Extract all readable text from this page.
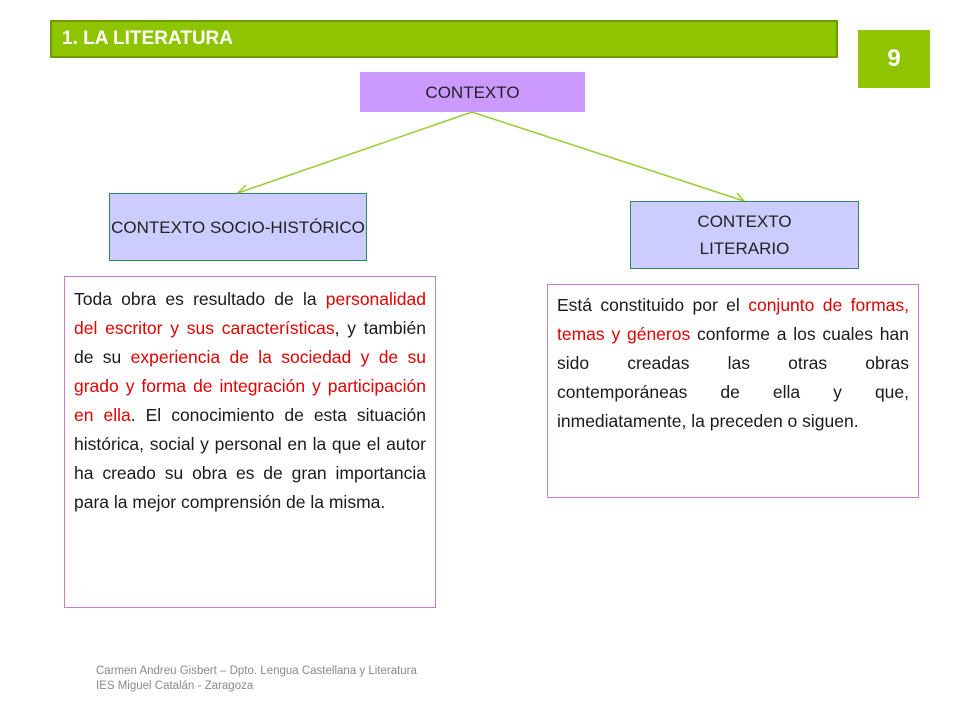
1. LA LITERATURA
9
CONTEXTO
CONTEXTO SOCIO-HISTÓRICO	CONTEXTO LITERARIO
Toda obra es resultado de la personalidad del escritor y sus características, y también de su experiencia de la sociedad y de su grado y forma de integración y participación en ella. El conocimiento de esta situación histórica, social y personal en la que el autor ha creado su obra es de gran importancia para la mejor comprensión de la misma.
Está constituido por el conjunto de formas, temas y géneros conforme a los cuales han sido creadas las otras obras contemporáneas de ella y que, inmediatamente, la preceden o siguen.
Carmen Andreu Gisbert – Dpto. Lengua Castellana y Literatura
IES Miguel Catalán - Zaragoza
